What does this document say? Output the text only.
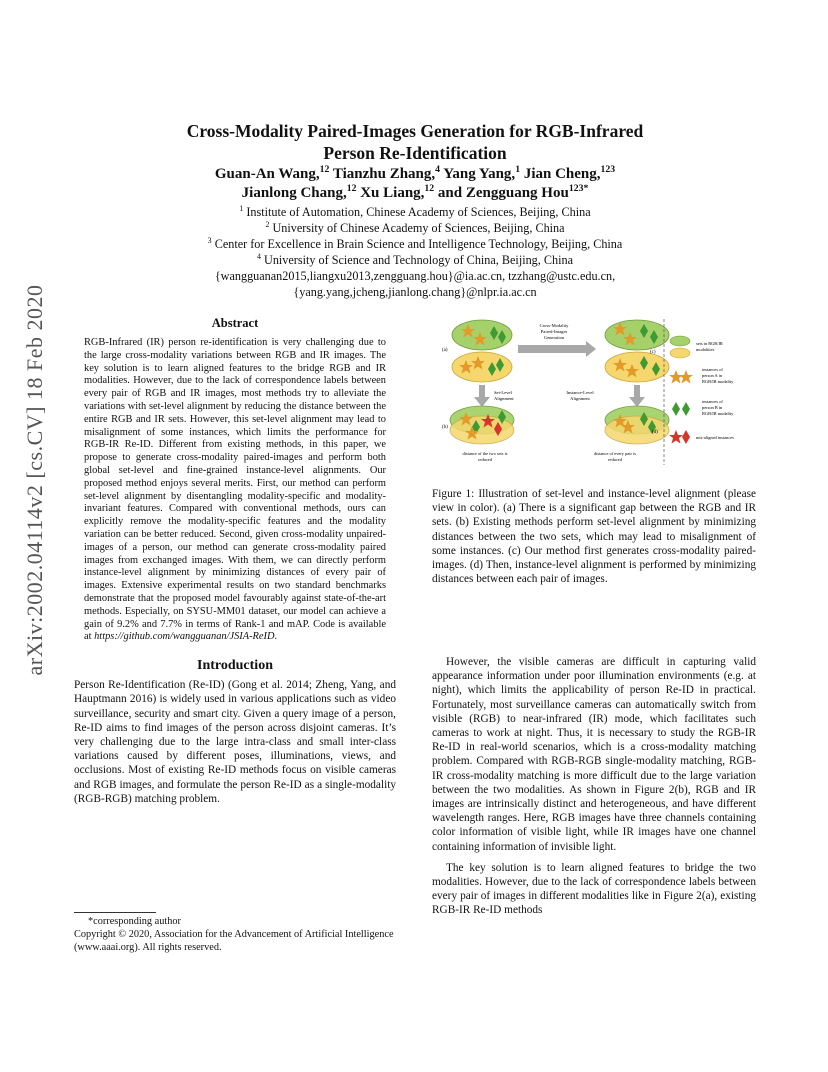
arXiv:2002.04114v2 [cs.CV] 18 Feb 2020
Cross-Modality Paired-Images Generation for RGB-Infrared
Person Re-Identification
Guan-An Wang,$^{12}$ Tianzhu Zhang,$^4$ Yang Yang,$^1$ Jian Cheng,$^{123}$
Jianlong Chang,$^{12}$ Xu Liang,$^{12}$ and Zengguang Hou$^{123*}$
$^1$ Institute of Automation, Chinese Academy of Sciences, Beijing, China
$^2$ University of Chinese Academy of Sciences, Beijing, China
$^3$ Center for Excellence in Brain Science and Intelligence Technology, Beijing, China
$^4$ University of Science and Technology of China, Beijing, China
{wangguanan2015,liangxu2013,zengguang.hou}@ia.ac.cn, tzzhang@ustc.edu.cn,
{yang.yang,jcheng,jianlong.chang}@nlpr.ia.ac.cn
Abstract
RGB-Infrared (IR) person re-identification is very challenging due to the large cross-modality variations between RGB and IR images. The key solution is to learn aligned features to the bridge RGB and IR modalities. However, due to the lack of correspondence labels between every pair of RGB and IR images, most methods try to alleviate the variations with set-level alignment by reducing the distance between the entire RGB and IR sets. However, this set-level alignment may lead to misalignment of some instances, which limits the performance for RGB-IR Re-ID. Different from existing methods, in this paper, we propose to generate cross-modality paired-images and perform both global set-level and fine-grained instance-level alignments. Our proposed method enjoys several merits. First, our method can perform set-level alignment by disentangling modality-specific and modality-invariant features. Compared with conventional methods, ours can explicitly remove the modality-specific features and the modality variation can be better reduced. Second, given cross-modality unpaired-images of a person, our method can generate cross-modality paired images from exchanged images. With them, we can directly perform instance-level alignment by minimizing distances of every pair of images. Extensive experimental results on two standard benchmarks demonstrate that the proposed model favourably against state-of-the-art methods. Especially, on SYSU-MM01 dataset, our model can achieve a gain of 9.2% and 7.7% in terms of Rank-1 and mAP. Code is available at https://github.com/wangguanan/JSIA-ReID.
Introduction
Person Re-Identification (Re-ID) (Gong et al. 2014; Zheng, Yang, and Hauptmann 2016) is widely used in various applications such as video surveillance, security and smart city. Given a query image of a person, Re-ID aims to find images of the person across disjoint cameras. It’s very challenging due to the large intra-class and small inter-class variations caused by different poses, illuminations, views, and occlusions. Most of existing Re-ID methods focus on visible cameras and RGB images, and formulate the person Re-ID as a single-modality (RGB-RGB) matching problem.
*corresponding author
Copyright © 2020, Association for the Advancement of Artificial Intelligence (www.aaai.org). All rights reserved.
(a)	(c)
Cross-Modality Paired-Images Generation
Set-Level Alignment
Instance-Level Alignment
(b)
distance of the two sets is reduced
(d)
distance of every pair is reduced
sets in RGB/IR modalities
instances of person A in RGB/IR modality
instances of person B in RGB/IR modality
mis-aligned instances
Figure 1: Illustration of set-level and instance-level alignment (please view in color). (a) There is a significant gap between the RGB and IR sets. (b) Existing methods perform set-level alignment by minimizing distances between the two sets, which may lead to misalignment of some instances. (c) Our method first generates cross-modality paired-images. (d) Then, instance-level alignment is performed by minimizing distances between each pair of images.

However, the visible cameras are difficult in capturing valid appearance information under poor illumination environments (e.g. at night), which limits the applicability of person Re-ID in practical. Fortunately, most surveillance cameras can automatically switch from visible (RGB) to near-infrared (IR) mode, which facilitates such cameras to work at night. Thus, it is necessary to study the RGB-IR Re-ID in real-world scenarios, which is a cross-modality matching problem. Compared with RGB-RGB single-modality matching, RGB-IR cross-modality matching is more difficult due to the large variation between the two modalities. As shown in Figure 2(b), RGB and IR images are intrinsically distinct and heterogeneous, and have different wavelength ranges. Here, RGB images have three channels containing color information of visible light, while IR images have one channel containing information of invisible light.

The key solution is to learn aligned features to bridge the two modalities. However, due to the lack of correspondence labels between every pair of images in different modalities like in Figure 2(a), existing RGB-IR Re-ID methods
